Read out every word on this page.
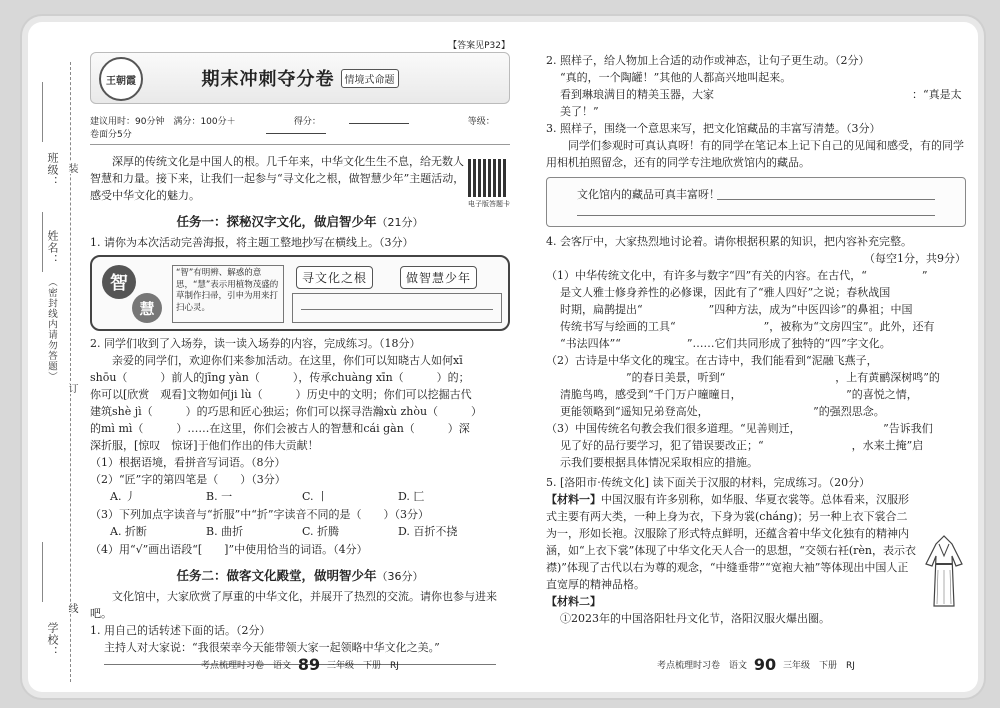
班级：
姓名：
（密封线内请勿答题）
学校：
装
订
线
【答案见P32】
王朝霞	期末冲刺夺分卷	情境式命题
建议用时：90分钟　满分：100分＋卷面分5分
得分：	等级：

深厚的传统文化是中国人的根。几千年来，中华文化生生不息，给无数人智慧和力量。接下来，让我们一起参与“寻文化之根，做智慧少年”主题活动，感受中华文化的魅力。

电子版答题卡
任务一：探秘汉字文化，做启智少年（21分）

1. 请你为本次活动完善海报，将主题工整地抄写在横线上。（3分）

智
慧
“智”有明辨、解惑的意思，“慧”表示用植物茂盛的草制作扫帚，引申为用来打扫心灵。
寻文化之根	做智慧少年

2. 同学们收到了入场券，读一读入场券的内容，完成练习。（18分）

亲爱的同学们，欢迎你们来参加活动。在这里，你们可以知晓古人如何xī

shōu（　　　）前人的jīng yàn（　　　），传承chuàng xīn（　　　）的；

你可以[欣赏　观看]文物如何ji lù（　　　）历史中的文明；你们可以挖掘古代

建筑shè jì（　　　）的巧思和匠心独运；你们可以探寻浩瀚xù zhòu（　　　）

的mì mì（　　　）……在这里，你们会被古人的智慧和cái gàn（　　　）深

深折服，[惊叹　惊讶]于他们作出的伟大贡献！

（1）根据语境，看拼音写词语。（8分）

（2）“匠”字的第四笔是（　　）（3分）

A. 丿	B. 一	C. 丨	D. 匚

（3）下列加点字读音与“折服”中“折”字读音不同的是（　　）（3分）

A. 折断	B. 曲折	C. 折腾	D. 百折不挠

（4）用“√”画出语段“[　　]”中使用恰当的词语。（4分）

任务二：做客文化殿堂，做明智少年（36分）

文化馆中，大家欣赏了厚重的中华文化，并展开了热烈的交流。请你也参与进来吧。

1. 用自己的话转述下面的话。（2分）

主持人对大家说：“我很荣幸今天能带领大家一起领略中华文化之美。”

考点梳理时习卷　语文 89 三年级　下册　RJ

2. 照样子，给人物加上合适的动作或神态，让句子更生动。（2分）

“真的，一个陶罐！”其他的人都高兴地叫起来。

看到琳琅满目的精美玉器，大家　　　　　　　　　　　　　　　　　　：“真是太美了！”

3. 照样子，围绕一个意思来写，把文化馆藏品的丰富写清楚。（3分）

同学们参观时可真认真呀！有的同学在笔记本上记下自己的见闻和感受，有的同学用相机拍照留念，还有的同学专注地欣赏馆内的藏品。

文化馆内的藏品可真丰富呀！

4. 会客厅中，大家热烈地讨论着。请你根据积累的知识，把内容补充完整。

（每空1分，共9分）

（1）中华传统文化中，有许多与数字“四”有关的内容。在古代，“　　　　　”

是文人雅士修身养性的必修课，因此有了“雅人四好”之说；春秋战国

时期，扁鹊提出“　　　　　　”四种方法，成为“中医四诊”的鼻祖；中国

传统书写与绘画的工具“　　　　　　　　”，被称为“文房四宝”。此外，还有

“书法四体”“　　　　　　”……它们共同形成了独特的“四”字文化。

（2）古诗是中华文化的瑰宝。在古诗中，我们能看到“泥融飞燕子，

　　　　　　”的春日美景，听到“　　　　　　　　　　，上有黄鹂深树鸣”的

清脆鸟鸣，感受到“千门万户曈曈日，　　　　　　　　　　”的喜悦之情，

更能领略到“遥知兄弟登高处，　　　　　　　　　　”的强烈思念。

（3）中国传统名句教会我们很多道理。“见善则迁，　　　　　　　　”告诉我们

见了好的品行要学习，犯了错误要改正；“　　　　　　　　，水来土掩”启

示我们要根据具体情况采取相应的措施。

5. [洛阳市·传统文化] 读下面关于汉服的材料，完成练习。（20分）

【材料一】中国汉服有许多别称，如华服、华夏衣裳等。总体看来，汉服形式主要有两大类，一种上身为衣，下身为裳(cháng)；另一种上衣下裳合二为一，形如长袍。汉服除了形式特点鲜明，还蕴含着中华文化独有的精神内涵，如“上衣下裳”体现了中华文化天人合一的思想，“交领右衽(rèn，表示衣襟)”体现了古代以右为尊的观念，“中缝垂带”“宽袍大袖”等体现出中国人正直宽厚的精神品格。

【材料二】

①2023年的中国洛阳牡丹文化节，洛阳汉服火爆出圈。

考点梳理时习卷　语文 90 三年级　下册　RJ
